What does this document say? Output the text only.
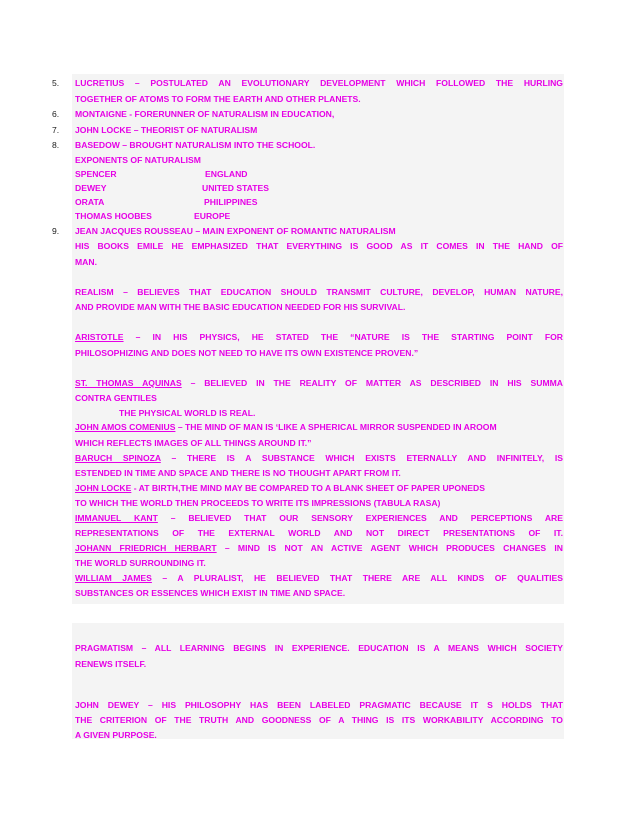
5. LUCRETIUS – POSTULATED AN EVOLUTIONARY DEVELOPMENT WHICH FOLLOWED THE HURLING
TOGETHER OF ATOMS TO FORM THE EARTH AND OTHER PLANETS.
6. MONTAIGNE - FORERUNNER OF NATURALISM IN EDUCATION,
7. JOHN LOCKE – THEORIST OF NATURALISM
8. BASEDOW – BROUGHT NATURALISM INTO THE SCHOOL.
EXPONENTS OF NATURALISM
SPENCER	ENGLAND
DEWEY	UNITED STATES
ORATA	PHILIPPINES
THOMAS HOOBES	EUROPE
9. JEAN JACQUES ROUSSEAU – MAIN EXPONENT OF ROMANTIC NATURALISM
HIS BOOKS EMILE HE EMPHASIZED THAT EVERYTHING IS GOOD AS IT COMES IN THE HAND OF
MAN.
REALISM – BELIEVES THAT EDUCATION SHOULD TRANSMIT CULTURE, DEVELOP, HUMAN NATURE,
AND PROVIDE MAN WITH THE BASIC EDUCATION NEEDED FOR HIS SURVIVAL.
ARISTOTLE – IN HIS PHYSICS, HE STATED THE “NATURE IS THE STARTING POINT FOR
PHILOSOPHIZING AND DOES NOT NEED TO HAVE ITS OWN EXISTENCE PROVEN.”
ST. THOMAS AQUINAS – BELIEVED IN THE REALITY OF MATTER AS DESCRIBED IN HIS SUMMA
CONTRA GENTILES
THE PHYSICAL WORLD IS REAL.
JOHN AMOS COMENIUS – THE MIND OF MAN IS ‘LIKE A SPHERICAL MIRROR SUSPENDED IN AROOM
WHICH REFLECTS IMAGES OF ALL THINGS AROUND IT.”
BARUCH SPINOZA – THERE IS A SUBSTANCE WHICH EXISTS ETERNALLY AND INFINITELY, IS
ESTENDED IN TIME AND SPACE AND THERE IS NO THOUGHT APART FROM IT.
JOHN LOCKE - AT BIRTH,THE MIND MAY BE COMPARED TO A BLANK SHEET OF PAPER UPONEDS
TO WHICH THE WORLD THEN PROCEEDS TO WRITE ITS IMPRESSIONS (TABULA RASA)
IMMANUEL KANT – BELIEVED THAT OUR SENSORY EXPERIENCES AND PERCEPTIONS ARE
REPRESENTATIONS OF THE EXTERNAL WORLD AND NOT DIRECT PRESENTATIONS OF IT.
JOHANN FRIEDRICH HERBART – MIND IS NOT AN ACTIVE AGENT WHICH PRODUCES CHANGES IN
THE WORLD SURROUNDING IT.
WILLIAM JAMES – A PLURALIST, HE BELIEVED THAT THERE ARE ALL KINDS OF QUALITIES
SUBSTANCES OR ESSENCES WHICH EXIST IN TIME AND SPACE.
PRAGMATISM – ALL LEARNING BEGINS IN EXPERIENCE. EDUCATION IS A MEANS WHICH SOCIETY
RENEWS ITSELF.
JOHN DEWEY – HIS PHILOSOPHY HAS BEEN LABELED PRAGMATIC BECAUSE IT S HOLDS THAT
THE CRITERION OF THE TRUTH AND GOODNESS OF A THING IS ITS WORKABILITY ACCORDING TO
A GIVEN PURPOSE.
